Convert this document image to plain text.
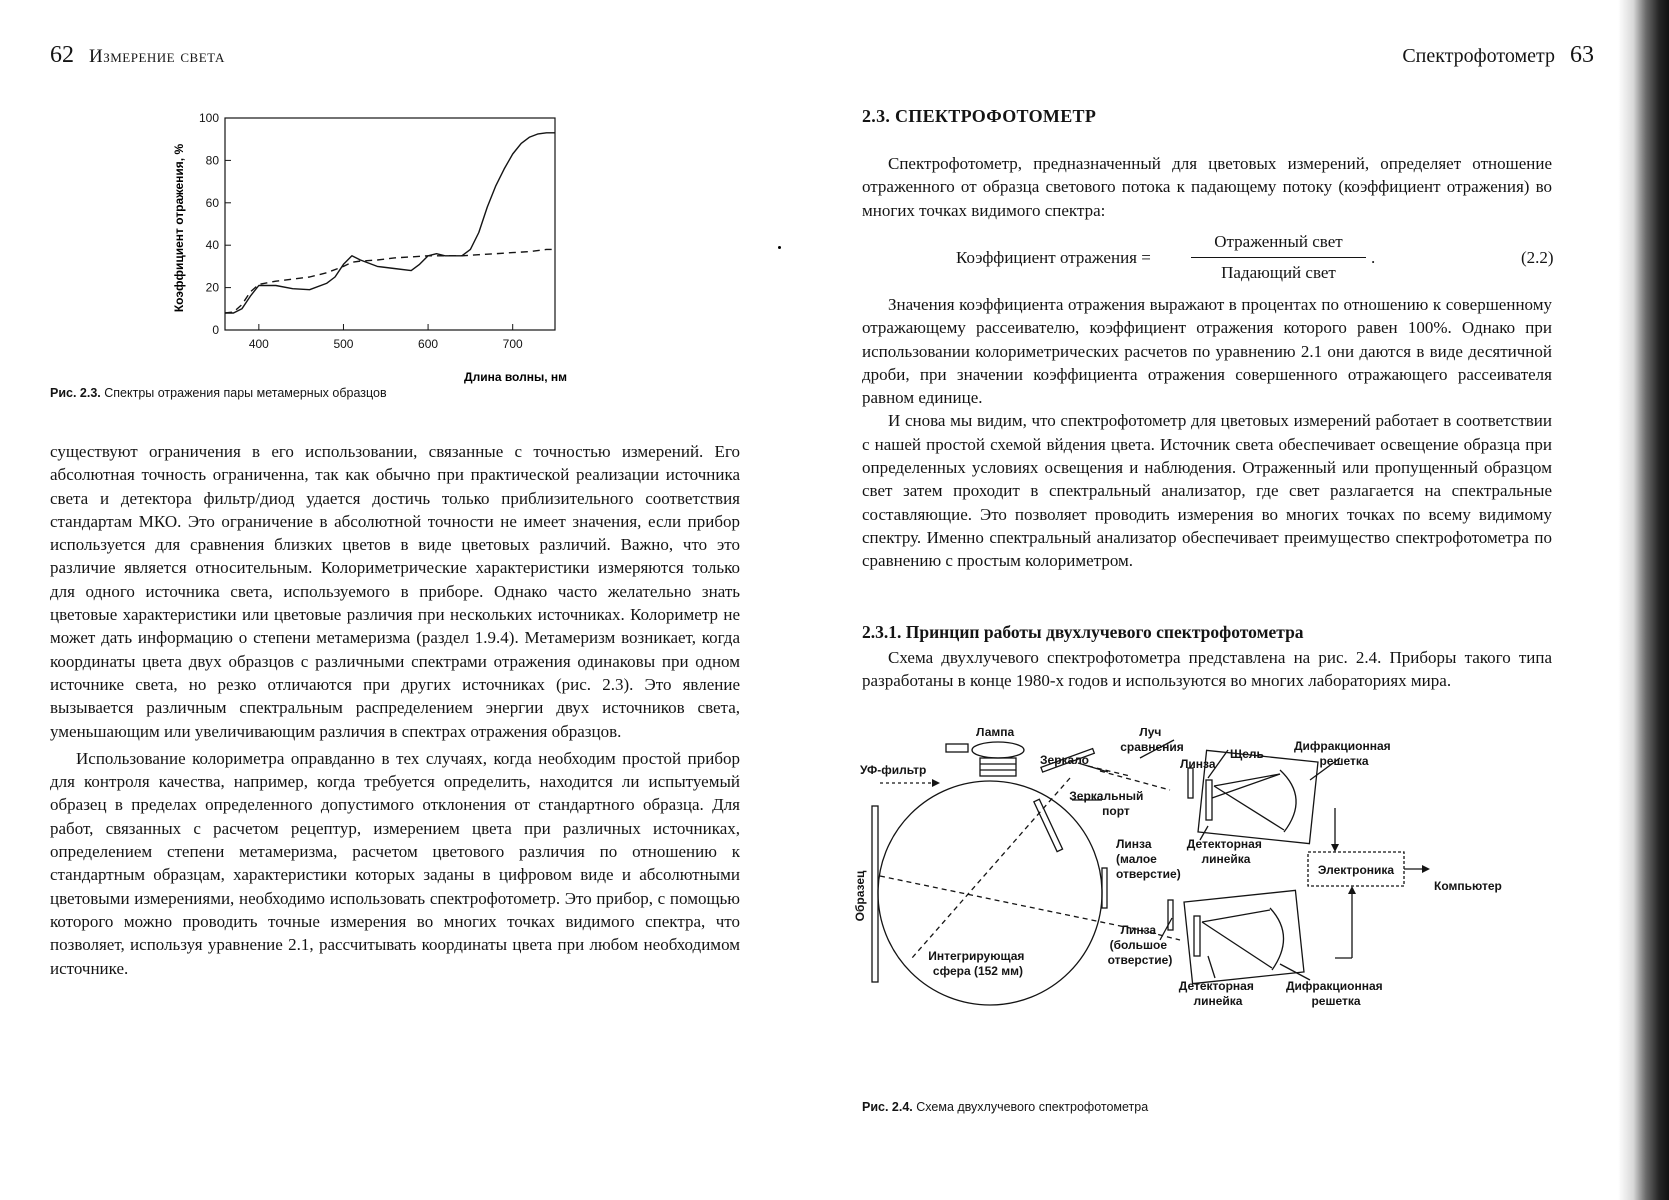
62 Измерение света
400	500	600	700
0
20
40
60
80
100
Длина волны, нм
Коэффициент отражения, %
Рис. 2.3. Спектры отражения пары метамерных образцов

существуют ограничения в его использовании, связанные с точностью измерений. Его абсолютная точность ограниченна, так как обычно при практической реализации источника света и детектора фильтр/диод удается достичь только приблизительного соответствия стандартам МКО. Это ограничение в абсолютной точности не имеет значения, если прибор используется для сравнения близких цветов в виде цветовых различий. Важно, что это различие является относительным. Колориметрические характеристики измеряются только для одного источника света, используемого в приборе. Однако часто желательно знать цветовые характеристики или цветовые различия при нескольких источниках. Колориметр не может дать информацию о степени метамеризма (раздел 1.9.4). Метамеризм возникает, когда координаты цвета двух образцов с различными спектрами отражения одинаковы при одном источнике света, но резко отличаются при других источниках (рис. 2.3). Это явление вызывается различным спектральным распределением энергии двух источников света, уменьшающим или увеличивающим различия в спектрах отражения образцов.

Использование колориметра оправданно в тех случаях, когда необходим простой прибор для контроля качества, например, когда требуется определить, находится ли испытуемый образец в пределах определенного допустимого отклонения от стандартного образца. Для работ, связанных с расчетом рецептур, измерением цвета при различных источниках, определением степени метамеризма, расчетом цветового различия по отношению к стандартным образцам, характеристики которых заданы в цифровом виде и абсолютными цветовыми измерениями, необходимо использовать спектрофотометр. Это прибор, с помощью которого можно проводить точные измерения во многих точках видимого спектра, что позволяет, используя уравнение 2.1, рассчитывать координаты цвета при любом необходимом источнике.

Спектрофотометр 63
2.3. СПЕКТРОФОТОМЕТР

Спектрофотометр, предназначенный для цветовых измерений, определяет отношение отраженного от образца светового потока к падающему потоку (коэффициент отражения) во многих точках видимого спектра:

Коэффициент отражения =
Отраженный свет
Падающий свет
.	(2.2)

Значения коэффициента отражения выражают в процентах по отношению к совершенному отражающему рассеивателю, коэффициент отражения которого равен 100%. Однако при использовании колориметрических расчетов по уравнению 2.1 они даются в виде десятичной дроби, при значении коэффициента отражения совершенного отражающего рассеивателя равном единице.

И снова мы видим, что спектрофотометр для цветовых измерений работает в соответствии с нашей простой схемой вйдения цвета. Источник света обеспечивает освещение образца при определенных условиях освещения и наблюдения. Отраженный или пропущенный образцом свет затем проходит в спектральный анализатор, где свет разлагается на спектральные составляющие. Это позволяет проводить измерения во многих точках по всему видимому спектру. Именно спектральный анализатор обеспечивает преимущество спектрофотометра по сравнению с простым колориметром.

2.3.1. Принцип работы двухлучевого спектрофотометра

Схема двухлучевого спектрофотометра представлена на рис. 2.4. Приборы такого типа разработаны в конце 1980-х годов и используются во многих лабораториях мира.

Лампа
УФ-фильтр
Зеркало
Луч сравнения
Линза
Щель
Дифракционная решетка
Зеркальный порт
Образец
Линза (малое отверстие)
Детекторная линейка
Электроника
Компьютер
Линза (большое отверстие)
Интегрирующая сфера (152 мм)
Детекторная линейка
Дифракционная решетка
Рис. 2.4. Схема двухлучевого спектрофотометра
